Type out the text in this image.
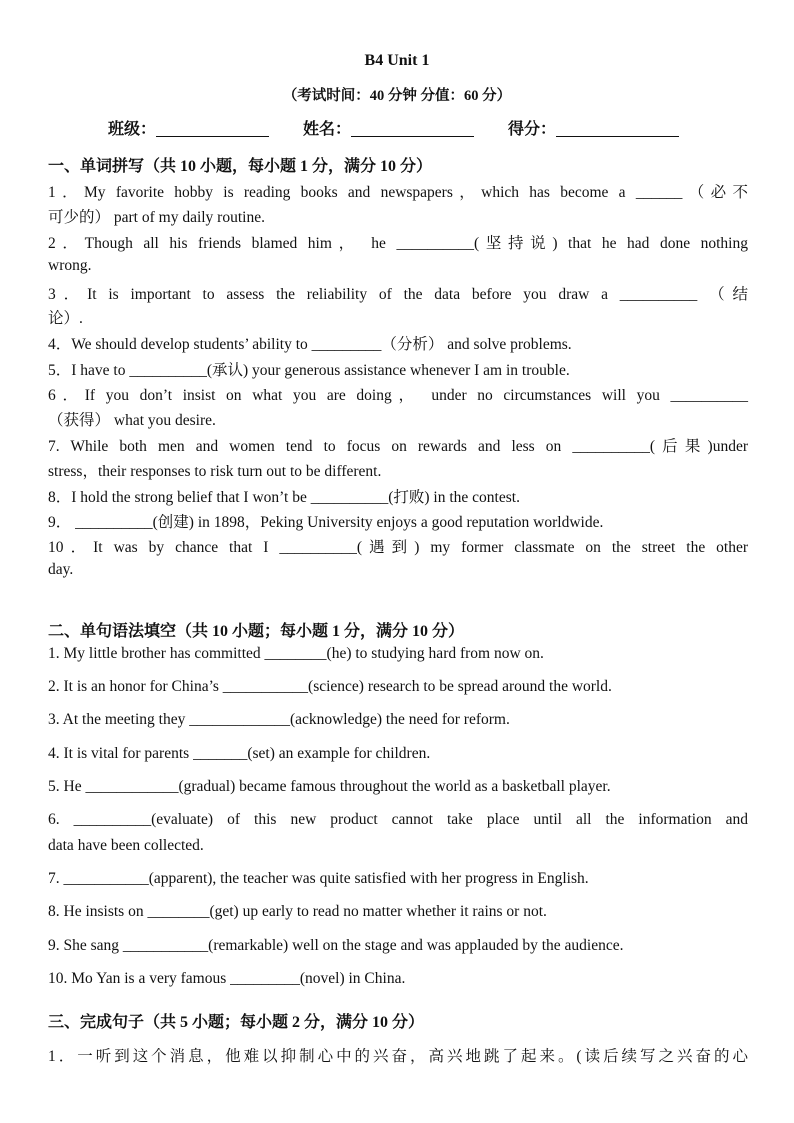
B4 Unit 1
（考试时间：40 分钟 分值：60 分）
班级：	姓名：	得分：
一、单词拼写（共 10 小题，每小题 1 分，满分 10 分）
1．My favorite hobby is reading books and newspapers，which has become a ______（必不
可少的） part of my daily routine.
2．Though all his friends blamed him， he __________(坚持说) that he had done nothing
wrong.
3．It is important to assess the reliability of the data before you draw a __________ （结
论）.
4．We should develop students’ ability to _________（分析） and solve problems.
5．I have to __________(承认) your generous assistance whenever I am in trouble.
6．If you don’t insist on what you are doing， under no circumstances will you __________
（获得） what you desire.
7. While both men and women tend to focus on rewards and less on __________(后果)under
stress，their responses to risk turn out to be different.
8．I hold the strong belief that I won’t be __________(打败) in the contest.
9． __________(创建) in 1898，Peking University enjoys a good reputation worldwide.
10．It was by chance that I __________(遇到) my former classmate on the street the other
day.
二、单句语法填空（共 10 小题；每小题 1 分，满分 10 分）
1. My little brother has committed ________(he) to studying hard from now on.
2. It is an honor for China’s ___________(science) research to be spread around the world.
3. At the meeting they _____________(acknowledge) the need for reform.
4. It is vital for parents _______(set) an example for children.
5. He ____________(gradual) became famous throughout the world as a basketball player.
6. __________(evaluate) of this new product cannot take place until all the information and
data have been collected.
7. ___________(apparent), the teacher was quite satisfied with her progress in English.
8. He insists on ________(get) up early to read no matter whether it rains or not.
9. She sang ___________(remarkable) well on the stage and was applauded by the audience.
10. Mo Yan is a very famous _________(novel) in China.
三、完成句子（共 5 小题；每小题 2 分，满分 10 分）
1．一听到这个消息，他难以抑制心中的兴奋，高兴地跳了起来。(读后续写之兴奋的心
